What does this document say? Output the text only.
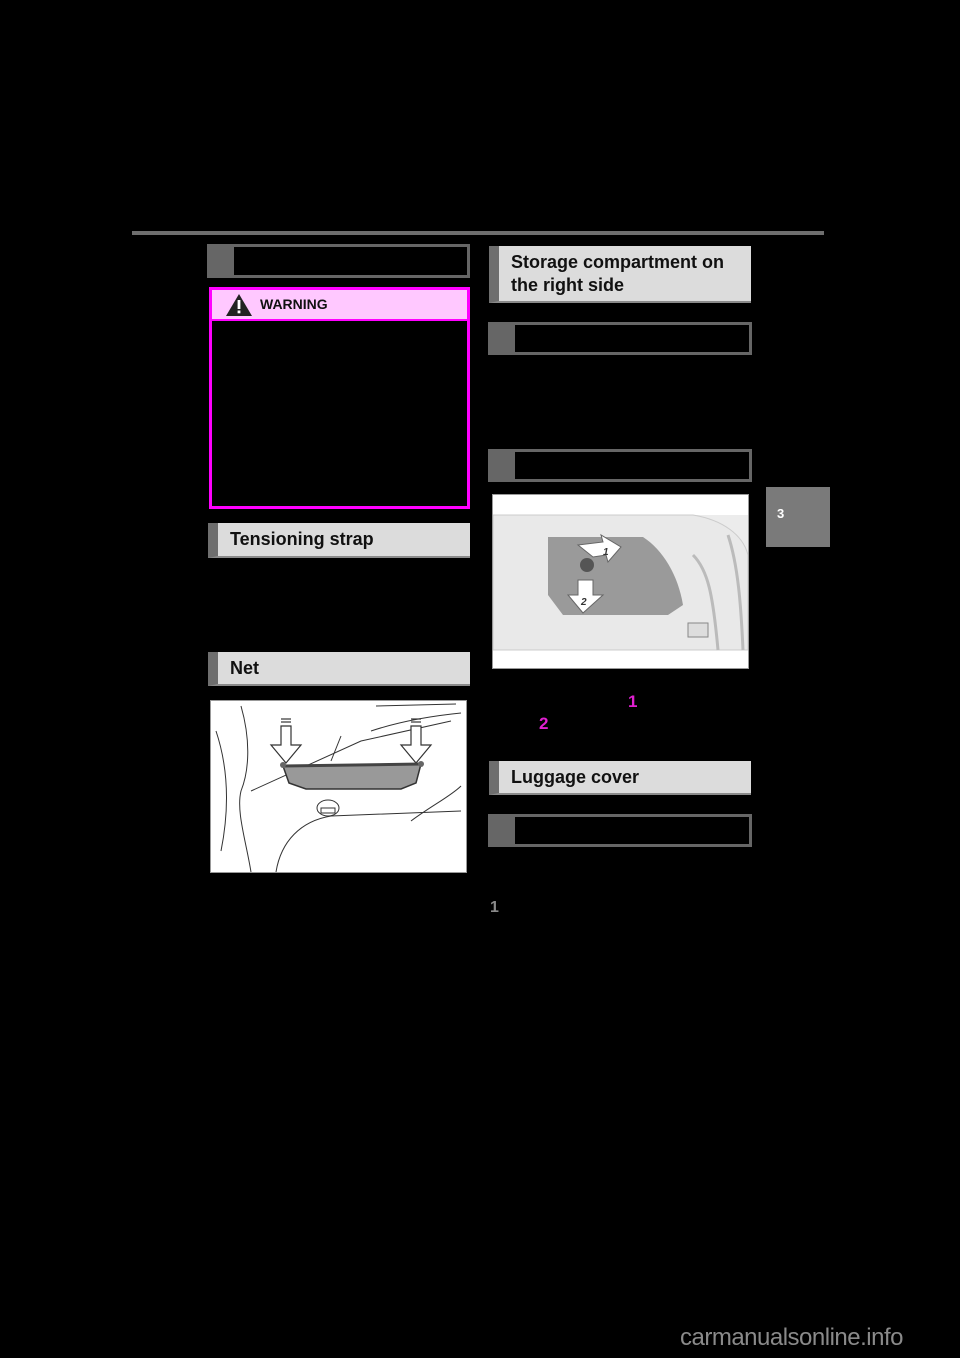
3
WARNING
Tensioning strap
Net
Storage compartment on the right side
1
2
1
2
Luggage cover
1
carmanualsonline.info
